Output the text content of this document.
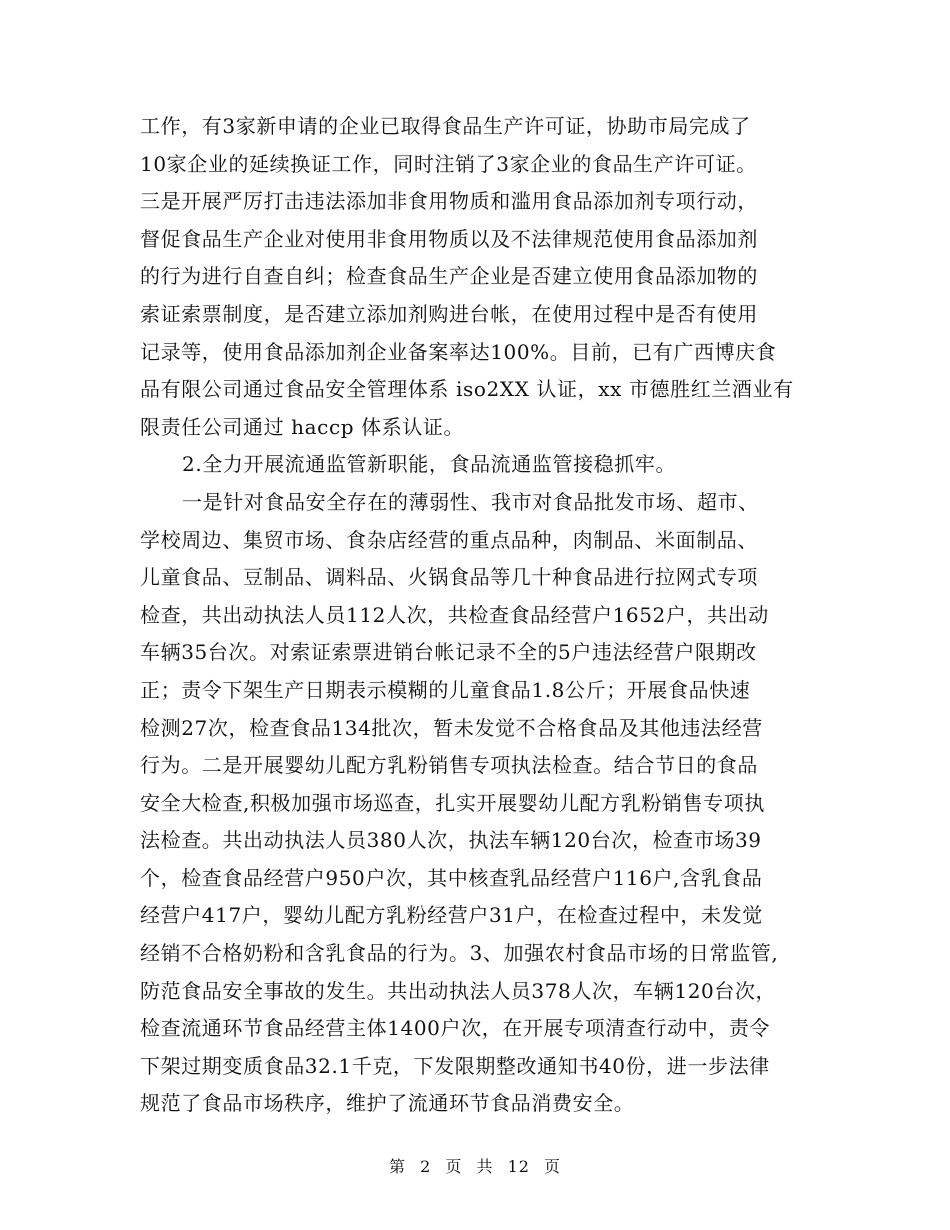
工作，有3家新申请的企业已取得食品生产许可证，协助市局完成了
10家企业的延续换证工作，同时注销了3家企业的食品生产许可证。
三是开展严厉打击违法添加非食用物质和滥用食品添加剂专项行动，
督促食品生产企业对使用非食用物质以及不法律规范使用食品添加剂
的行为进行自查自纠；检查食品生产企业是否建立使用食品添加物的
索证索票制度，是否建立添加剂购进台帐，在使用过程中是否有使用
记录等，使用食品添加剂企业备案率达100%。目前，已有广西博庆食
品有限公司通过食品安全管理体系 iso2XX 认证，xx 市德胜红兰酒业有
限责任公司通过 haccp 体系认证。
2.全力开展流通监管新职能，食品流通监管接稳抓牢。
一是针对食品安全存在的薄弱性、我市对食品批发市场、超市、
学校周边、集贸市场、食杂店经营的重点品种，肉制品、米面制品、
儿童食品、豆制品、调料品、火锅食品等几十种食品进行拉网式专项
检查，共出动执法人员112人次，共检查食品经营户1652户，共出动
车辆35台次。对索证索票进销台帐记录不全的5户违法经营户限期改
正；责令下架生产日期表示模糊的儿童食品1.8公斤；开展食品快速
检测27次，检查食品134批次，暂未发觉不合格食品及其他违法经营
行为。二是开展婴幼儿配方乳粉销售专项执法检查。结合节日的食品
安全大检查,积极加强市场巡查，扎实开展婴幼儿配方乳粉销售专项执
法检查。共出动执法人员380人次，执法车辆120台次，检查市场39
个，检查食品经营户950户次，其中核查乳品经营户116户,含乳食品
经营户417户，婴幼儿配方乳粉经营户31户，在检查过程中，未发觉
经销不合格奶粉和含乳食品的行为。3、加强农村食品市场的日常监管,
防范食品安全事故的发生。共出动执法人员378人次，车辆120台次，
检查流通环节食品经营主体1400户次，在开展专项清查行动中，责令
下架过期变质食品32.1千克，下发限期整改通知书40份，进一步法律
规范了食品市场秩序，维护了流通环节食品消费安全。
第 2 页 共 12 页
